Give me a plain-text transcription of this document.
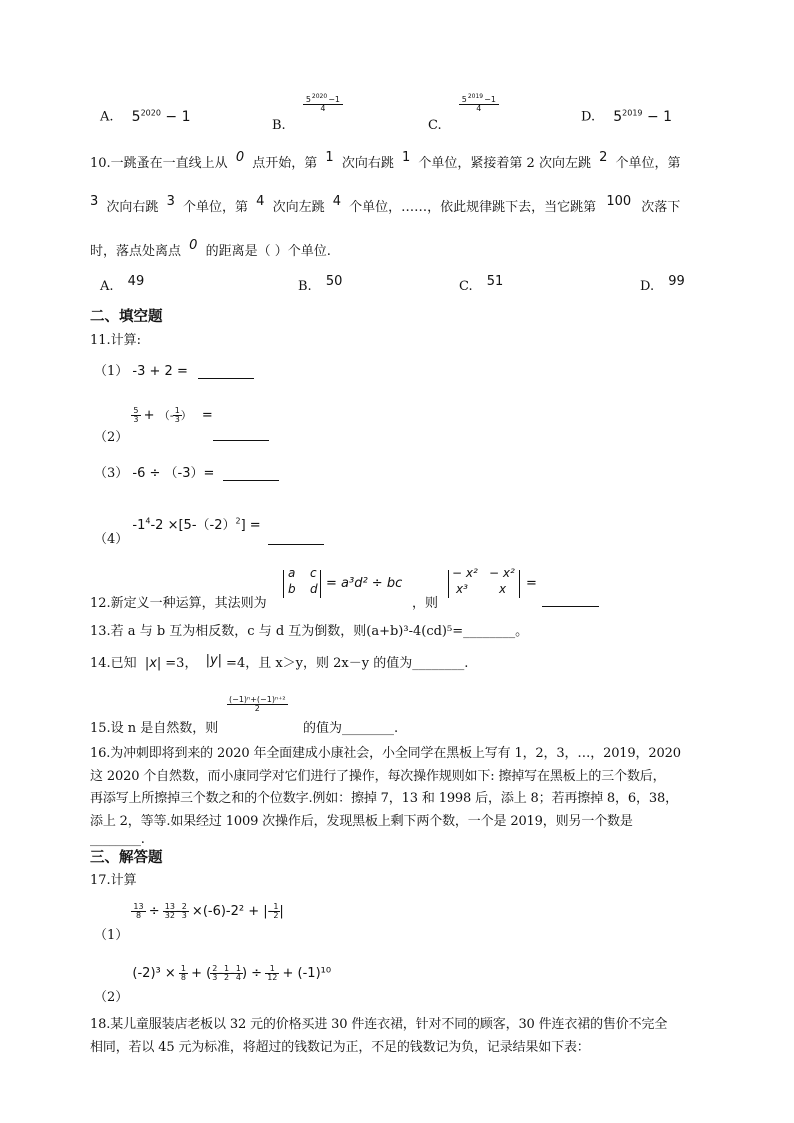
A. $5^{2020} - 1$
B.
$\frac{5^{2020}-1}{4}$
C.
$\frac{5^{2019}-1}{4}$
D. $5^{2019} - 1$
10.一跳蚤在一直线上从 0 点开始，第 1 次向右跳 1 个单位，紧接着第 2 次向左跳 2 个单位，第
3 次向右跳 3 个单位，第 4 次向左跳 4 个单位，……，依此规律跳下去，当它跳第 100 次落下
时，落点处离点 0 的距离是（ ）个单位.
A. 49	B. 50	C. 51	D. 99
二、填空题
11.计算:
（1） -3 + 2 =
（2）
$\frac{5}{3}$ + （- $\frac{1}{3}$ ） =
（3） -6 ÷ （-3）=
（4） $-1^4-2 \times[5-(-2)^2]$ =
12.新定义一种运算，其法则为
a c
b d = a³d² ÷ bc
，则
− x² − x²
x³	x =
13.若 a 与 b 互为相反数，c 与 d 互为倒数，则(a+b)³-4(cd)⁵=________。
14.已知 |x| =3， |y| =4，且 x＞y，则 2x－y 的值为________.
15.设 n 是自然数，则
(−1)ⁿ+(−1)ⁿ⁺²
2
的值为________.
16.为冲刺即将到来的 2020 年全面建成小康社会，小全同学在黑板上写有 1，2，3，…，2019，2020
这 2020 个自然数，而小康同学对它们进行了操作，每次操作规则如下: 擦掉写在黑板上的三个数后，
再添写上所擦掉三个数之和的个位数字.例如：擦掉 7，13 和 1998 后，添上 8；若再擦掉 8，6，38，
添上 2，等等.如果经过 1009 次操作后，发现黑板上剩下两个数，一个是 2019，则另一个数是
________.
三、解答题
17.计算
（1）
$\frac{13}{8} \div \frac{13}{32} - \frac{2}{3} \times(-6)-2^2$ + |- $\frac{1}{2}$ |
（2） $(-2)^3 \times \frac{1}{8}$ + ( $\frac{2}{3} - \frac{1}{2} - \frac{1}{4}$ ) ÷ $\frac{1}{12} + (-1)^{10}$
18.某儿童服装店老板以 32 元的价格买进 30 件连衣裙，针对不同的顾客，30 件连衣裙的售价不完全
相同，若以 45 元为标准，将超过的钱数记为正，不足的钱数记为负，记录结果如下表：
